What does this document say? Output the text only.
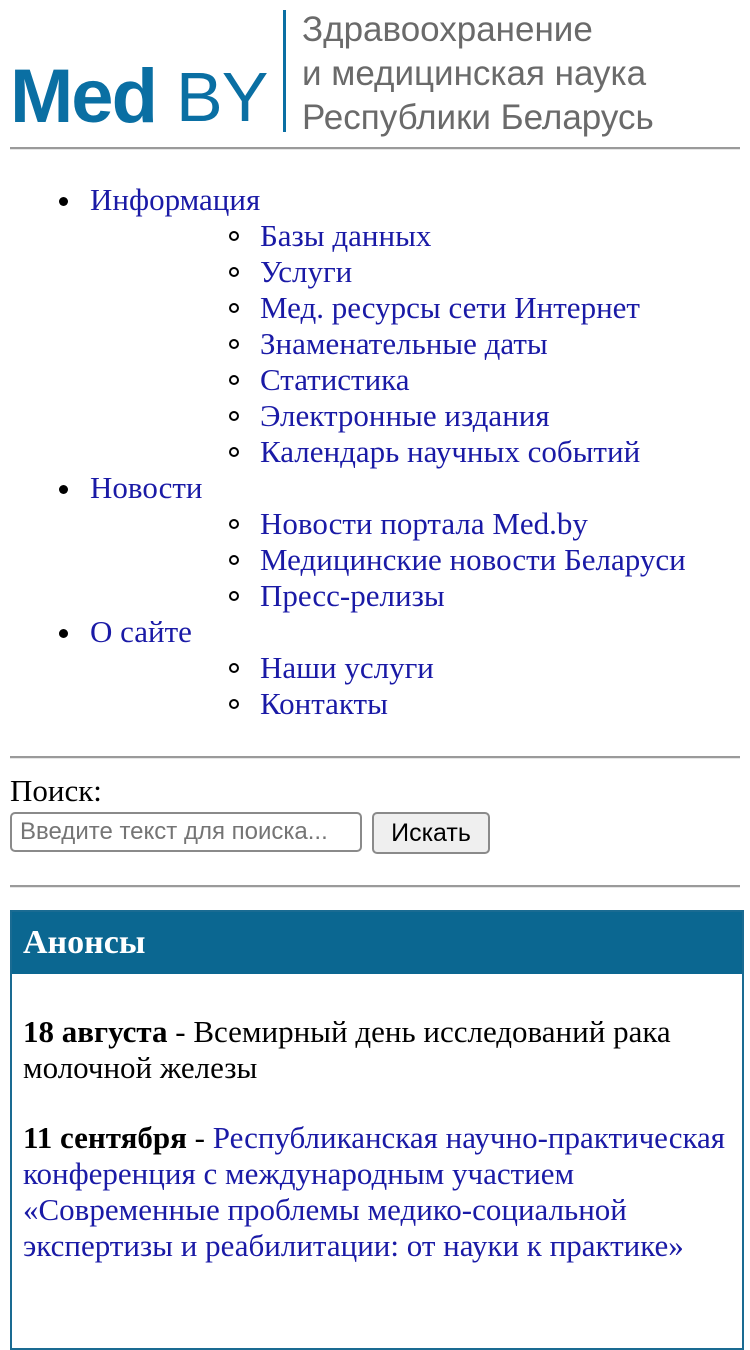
Med BY
Здравоохранение
и медицинская наука
Республики Беларусь
Информация
Базы данных
Услуги
Мед. ресурсы сети Интернет
Знаменательные даты
Статистика
Электронные издания
Календарь научных событий
Новости
Новости портала Med.by
Медицинские новости Беларуси
Пресс-релизы
О сайте
Наши услуги
Контакты
Поиск:
Введите текст для поиска...
Искать
Анонсы
18 августа - Всемирный день исследований рака молочной железы
11 сентября - Республиканская научно-практическая конференция с международным участием «Современные проблемы медико-социальной экспертизы и реабилитации: от науки к практике»
